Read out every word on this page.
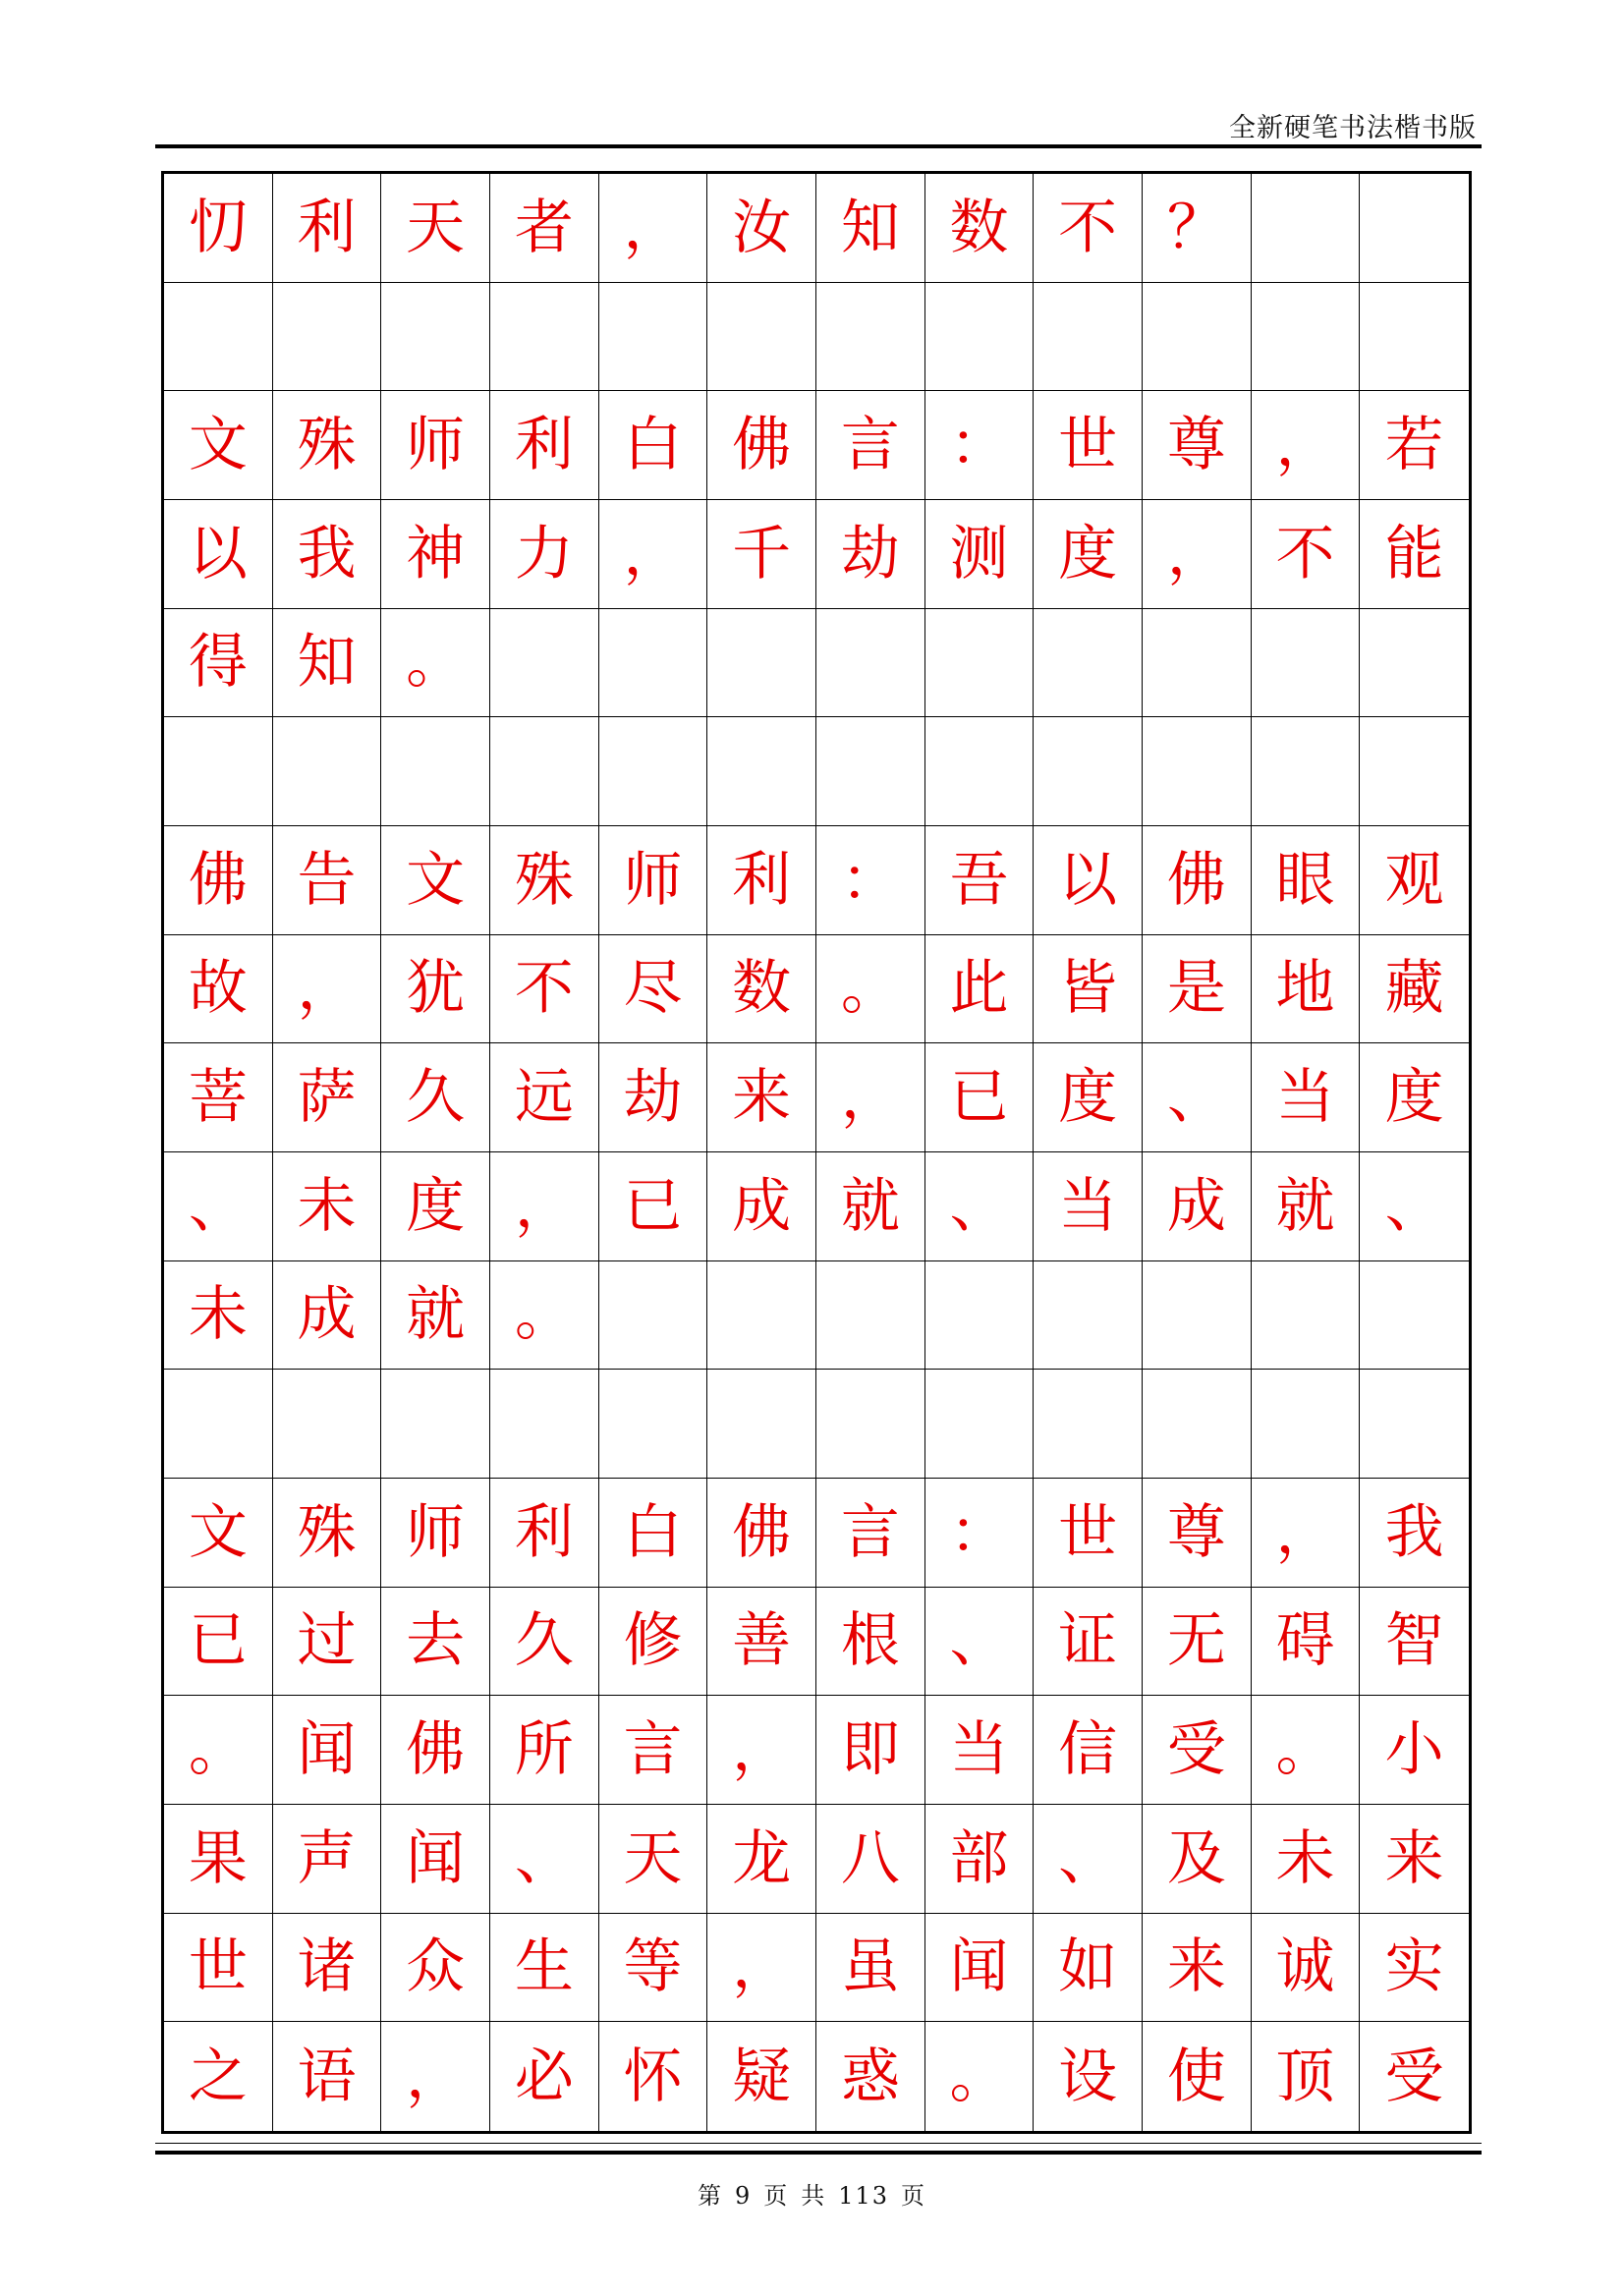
全新硬笔书法楷书版
忉 利 天 者 ， 汝 知 数 不 ？
文 殊 师 利 白 佛 言 ： 世 尊 ， 若
以 我 神 力 ， 千 劫 测 度 ， 不 能
得 知 。
佛 告 文 殊 师 利 ： 吾 以 佛 眼 观
故 ， 犹 不 尽 数 。 此 皆 是 地 藏
菩 萨 久 远 劫 来 ， 已 度 、 当 度
、 未 度 ， 已 成 就 、 当 成 就 、
未 成 就 。
文 殊 师 利 白 佛 言 ： 世 尊 ， 我
已 过 去 久 修 善 根 、 证 无 碍 智
。 闻 佛 所 言 ， 即 当 信 受 。 小
果 声 闻 、 天 龙 八 部 、 及 未 来
世 诸 众 生 等 ， 虽 闻 如 来 诚 实
之 语 ， 必 怀 疑 惑 。 设 使 顶 受
第 9 页 共 113 页
